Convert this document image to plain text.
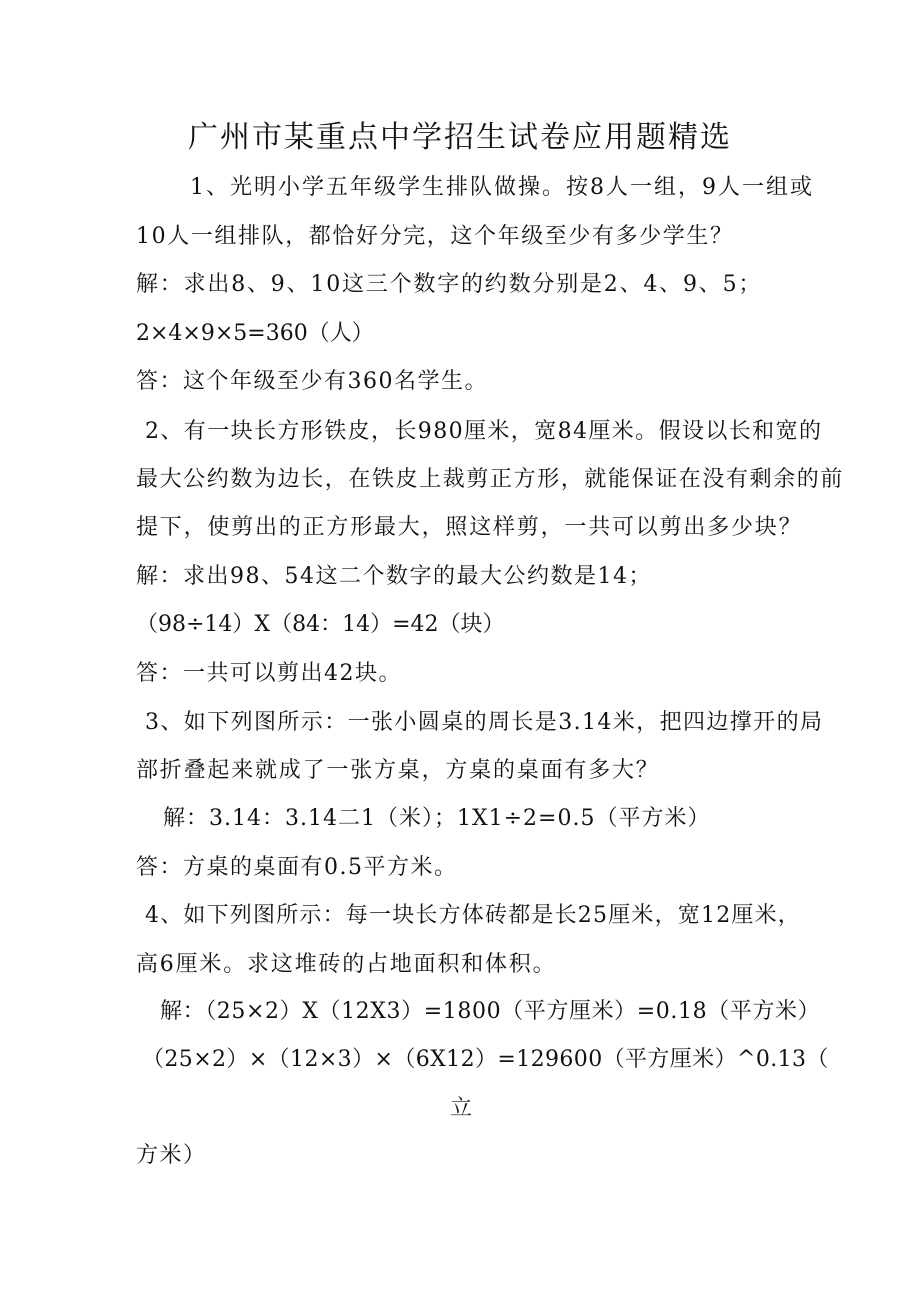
广州市某重点中学招生试卷应用题精选
1、光明小学五年级学生排队做操。按8人一组，9人一组或
10人一组排队，都恰好分完，这个年级至少有多少学生？
解：求出8、9、10这三个数字的约数分别是2、4、9、5；
2×4×9×5=360（人）
答：这个年级至少有360名学生。
2、有一块长方形铁皮，长980厘米，宽84厘米。假设以长和宽的
最大公约数为边长，在铁皮上裁剪正方形，就能保证在没有剩余的前
提下，使剪出的正方形最大，照这样剪，一共可以剪出多少块？
解：求出98、54这二个数字的最大公约数是14；
（98÷14）X（84：14）=42（块）
答：一共可以剪出42块。
3、如下列图所示：一张小圆桌的周长是3.14米，把四边撑开的局
部折叠起来就成了一张方桌，方桌的桌面有多大？
解：3.14：3.14二1（米）；1X1÷2=0.5（平方米）
答：方桌的桌面有0.5平方米。
4、如下列图所示：每一块长方体砖都是长25厘米，宽12厘米，
高6厘米。求这堆砖的占地面积和体积。
解：（25×2）X（12X3）=1800（平方厘米）=0.18（平方米）
（25×2）×（12×3）×（6X12）=129600（平方厘米）^0.13（
立
方米）
